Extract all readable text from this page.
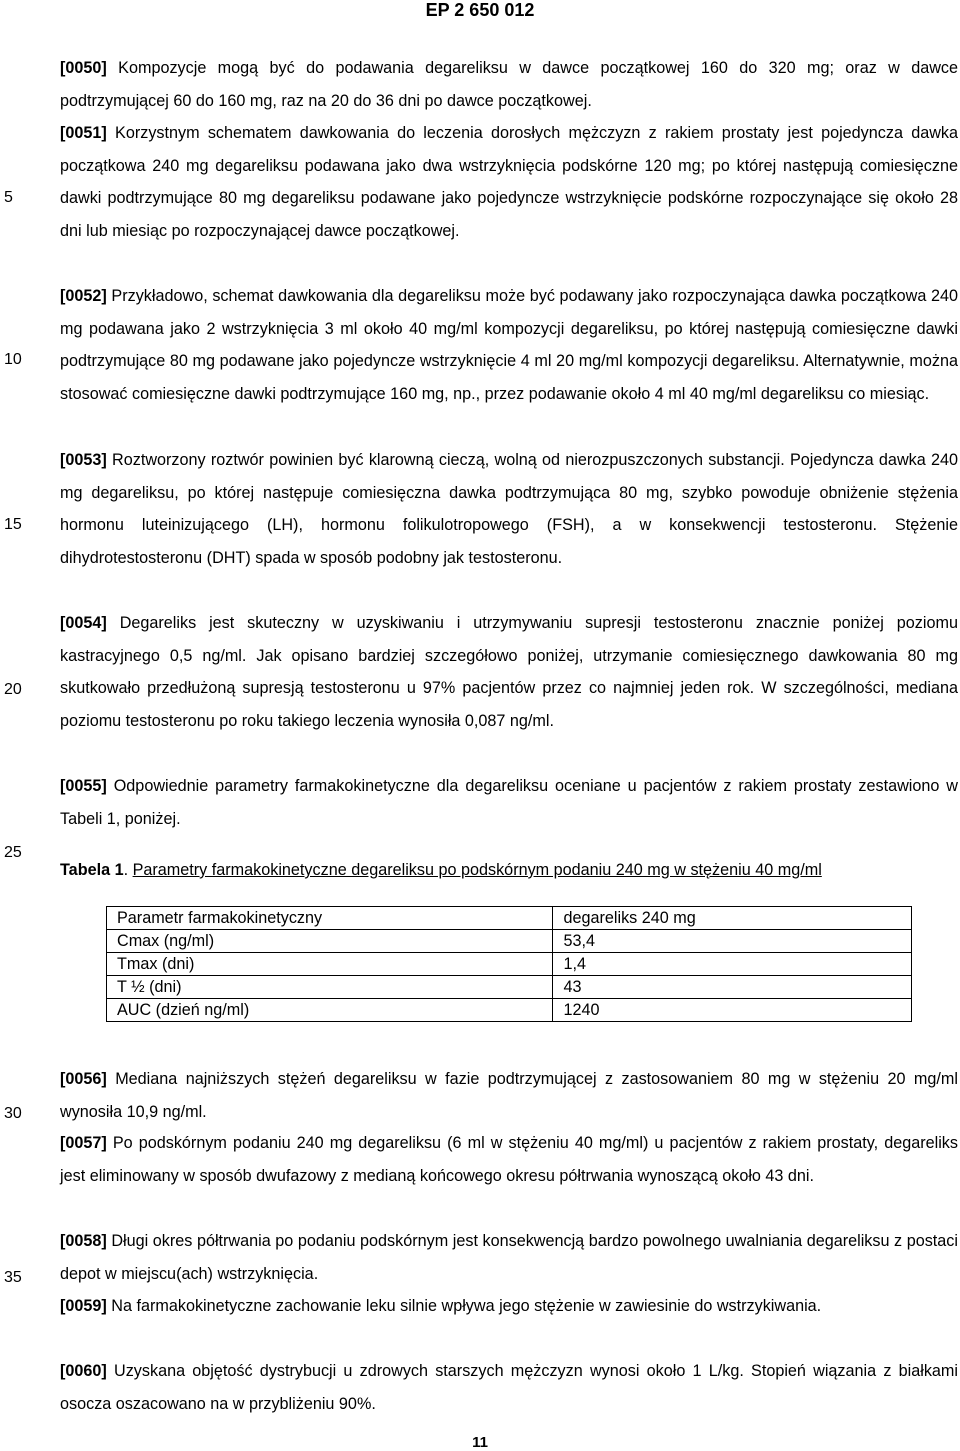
EP 2 650 012
5
10
15
20
25
30
35

[0050] Kompozycje mogą być do podawania degareliksu w dawce początkowej 160 do 320 mg; oraz w dawce podtrzymującej 60 do 160 mg, raz na 20 do 36 dni po dawce początkowej.

[0051] Korzystnym schematem dawkowania do leczenia dorosłych mężczyzn z rakiem prostaty jest pojedyncza dawka początkowa 240 mg degareliksu podawana jako dwa wstrzyknięcia podskórne 120 mg; po której następują comiesięczne dawki podtrzymujące 80 mg degareliksu podawane jako pojedyncze wstrzyknięcie podskórne rozpoczynające się około 28 dni lub miesiąc po rozpoczynającej dawce początkowej.

[0052] Przykładowo, schemat dawkowania dla degareliksu może być podawany jako rozpoczynająca dawka początkowa 240 mg podawana jako 2 wstrzyknięcia 3 ml około 40 mg/ml kompozycji degareliksu, po której następują comiesięczne dawki podtrzymujące 80 mg podawane jako pojedyncze wstrzyknięcie 4 ml 20 mg/ml kompozycji degareliksu. Alternatywnie, można stosować comiesięczne dawki podtrzymujące 160 mg, np., przez podawanie około 4 ml 40 mg/ml degareliksu co miesiąc.

[0053] Roztworzony roztwór powinien być klarowną cieczą, wolną od nierozpuszczonych substancji. Pojedyncza dawka 240 mg degareliksu, po której następuje comiesięczna dawka podtrzymująca 80 mg, szybko powoduje obniżenie stężenia hormonu luteinizującego (LH), hormonu folikulotropowego (FSH), a w konsekwencji testosteronu. Stężenie dihydrotestosteronu (DHT) spada w sposób podobny jak testosteronu.

[0054] Degareliks jest skuteczny w uzyskiwaniu i utrzymywaniu supresji testosteronu znacznie poniżej poziomu kastracyjnego 0,5 ng/ml. Jak opisano bardziej szczegółowo poniżej, utrzymanie comiesięcznego dawkowania 80 mg skutkowało przedłużoną supresją testosteronu u 97% pacjentów przez co najmniej jeden rok. W szczególności, mediana poziomu testosteronu po roku takiego leczenia wynosiła 0,087 ng/ml.

[0055] Odpowiednie parametry farmakokinetyczne dla degareliksu oceniane u pacjentów z rakiem prostaty zestawiono w Tabeli 1, poniżej.

Tabela 1. Parametry farmakokinetyczne degareliksu po podskórnym podaniu 240 mg w stężeniu 40 mg/ml
Parametr farmakokinetyczny	degareliks 240 mg
Cmax (ng/ml)	53,4
Tmax (dni)	1,4
T ½ (dni)	43
AUC (dzień ng/ml)	1240

[0056] Mediana najniższych stężeń degareliksu w fazie podtrzymującej z zastosowaniem 80 mg w stężeniu 20 mg/ml wynosiła 10,9 ng/ml.

[0057] Po podskórnym podaniu 240 mg degareliksu (6 ml w stężeniu 40 mg/ml) u pacjentów z rakiem prostaty, degareliks jest eliminowany w sposób dwufazowy z medianą końcowego okresu półtrwania wynoszącą około 43 dni.

[0058] Długi okres półtrwania po podaniu podskórnym jest konsekwencją bardzo powolnego uwalniania degareliksu z postaci depot w miejscu(ach) wstrzyknięcia.

[0059] Na farmakokinetyczne zachowanie leku silnie wpływa jego stężenie w zawiesinie do wstrzykiwania.

[0060] Uzyskana objętość dystrybucji u zdrowych starszych mężczyzn wynosi około 1 L/kg. Stopień wiązania z białkami osocza oszacowano na w przybliżeniu 90%.

11
